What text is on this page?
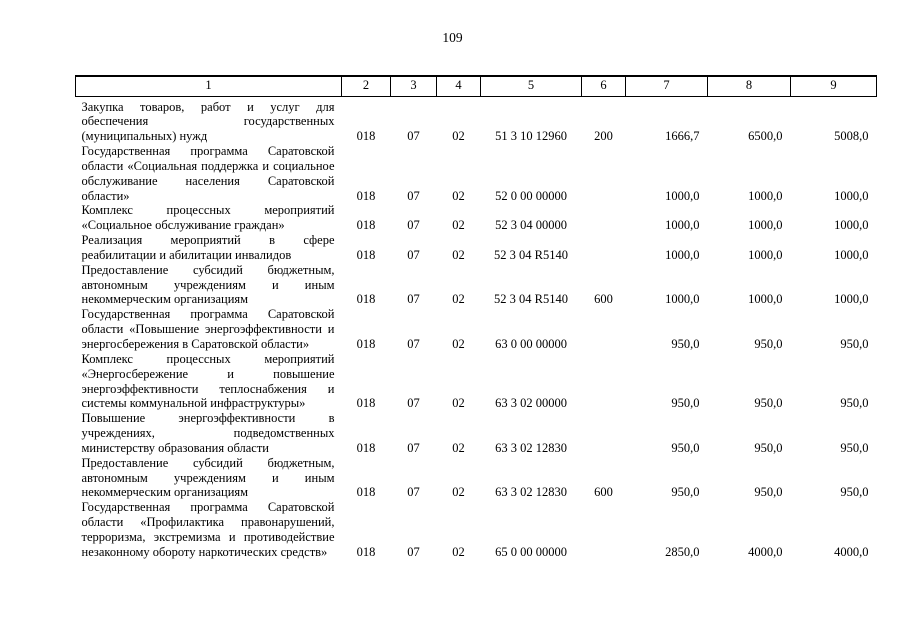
109
1	2	3	4	5	6	7	8	9
Закупка товаров, работ и услуг для обеспечения государственных (муниципальных) нужд	018	07	02	51 3 10 12960	200	1666,7	6500,0	5008,0
Государственная программа Саратовской области «Социальная поддержка и социальное обслуживание населения Саратовской области»	018	07	02	52 0 00 00000		1000,0	1000,0	1000,0
Комплекс процессных мероприятий «Социальное обслуживание граждан»	018	07	02	52 3 04 00000		1000,0	1000,0	1000,0
Реализация мероприятий в сфере реабилитации и абилитации инвалидов	018	07	02	52 3 04 R5140		1000,0	1000,0	1000,0
Предоставление субсидий бюджетным, автономным учреждениям и иным некоммерческим организациям	018	07	02	52 3 04 R5140	600	1000,0	1000,0	1000,0
Государственная программа Саратовской области «Повышение энергоэффективности и энергосбережения в Саратовской области»	018	07	02	63 0 00 00000		950,0	950,0	950,0
Комплекс процессных мероприятий «Энергосбережение и повышение энергоэффективности теплоснабжения и системы коммунальной инфраструктуры»	018	07	02	63 3 02 00000		950,0	950,0	950,0
Повышение энергоэффективности в учреждениях, подведомственных министерству образования области	018	07	02	63 3 02 12830		950,0	950,0	950,0
Предоставление субсидий бюджетным, автономным учреждениям и иным некоммерческим организациям	018	07	02	63 3 02 12830	600	950,0	950,0	950,0
Государственная программа Саратовской области «Профилактика правонарушений, терроризма, экстремизма и противодействие незаконному обороту наркотических средств»	018	07	02	65 0 00 00000		2850,0	4000,0	4000,0
